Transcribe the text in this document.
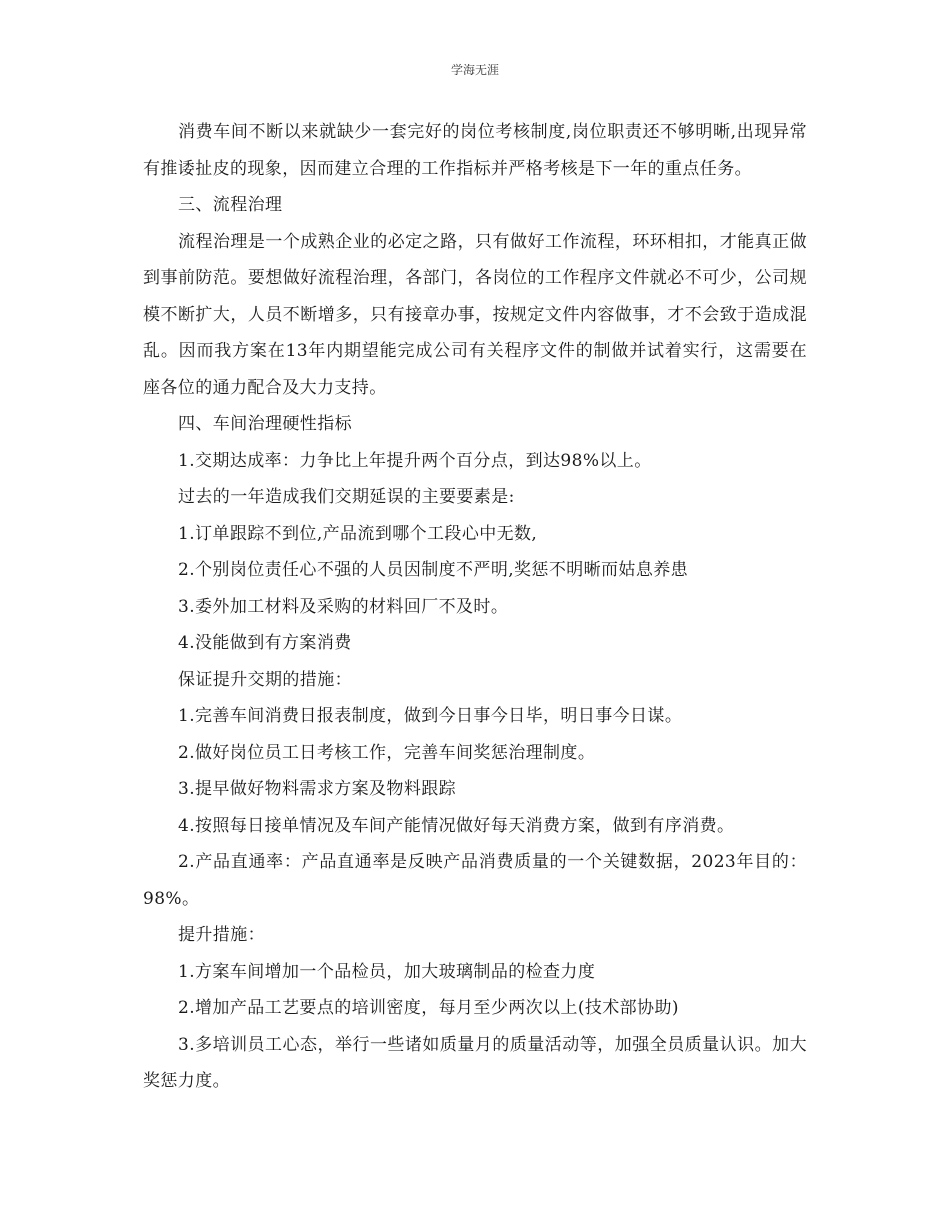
学海无涯

消费车间不断以来就缺少一套完好的岗位考核制度,岗位职责还不够明晰,出现异常有推诿扯皮的现象，因而建立合理的工作指标并严格考核是下一年的重点任务。

三、流程治理

流程治理是一个成熟企业的必定之路，只有做好工作流程，环环相扣，才能真正做到事前防范。要想做好流程治理，各部门，各岗位的工作程序文件就必不可少，公司规模不断扩大，人员不断增多，只有接章办事，按规定文件内容做事，才不会致于造成混乱。因而我方案在13年内期望能完成公司有关程序文件的制做并试着实行，这需要在座各位的通力配合及大力支持。

四、车间治理硬性指标

1.交期达成率：力争比上年提升两个百分点，到达98%以上。

过去的一年造成我们交期延误的主要要素是:

1.订单跟踪不到位,产品流到哪个工段心中无数,

2.个别岗位责任心不强的人员因制度不严明,奖惩不明晰而姑息养患

3.委外加工材料及采购的材料回厂不及时。

4.没能做到有方案消费

保证提升交期的措施：

1.完善车间消费日报表制度，做到今日事今日毕，明日事今日谋。

2.做好岗位员工日考核工作，完善车间奖惩治理制度。

3.提早做好物料需求方案及物料跟踪

4.按照每日接单情况及车间产能情况做好每天消费方案，做到有序消费。

2.产品直通率：产品直通率是反映产品消费质量的一个关键数据，2023年目的：98%。

提升措施：

1.方案车间增加一个品检员，加大玻璃制品的检查力度

2.增加产品工艺要点的培训密度，每月至少两次以上(技术部协助)

3.多培训员工心态，举行一些诸如质量月的质量活动等，加强全员质量认识。加大奖惩力度。
